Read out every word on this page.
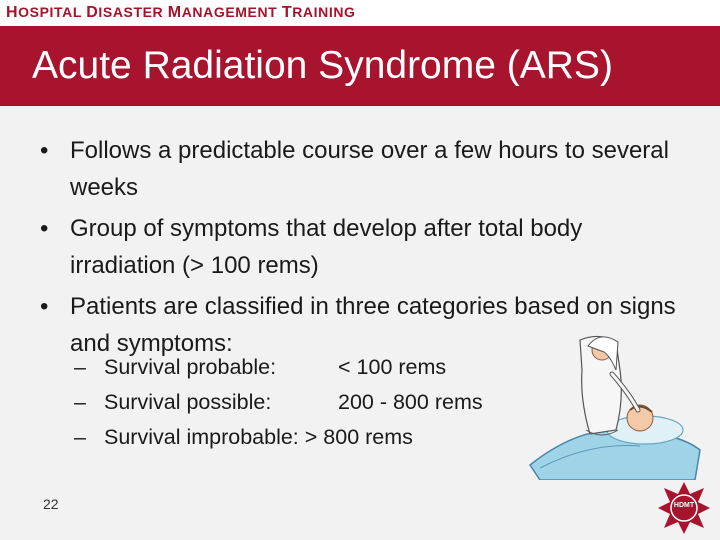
HOSPITAL DISASTER MANAGEMENT TRAINING
Acute Radiation Syndrome (ARS)
• Follows a predictable course over a few hours to several weeks
• Group of symptoms that develop after total body irradiation (> 100 rems)
• Patients are classified in three categories based on signs and symptoms:
– Survival probable:	< 100 rems
– Survival possible:	200 - 800 rems
– Survival improbable: > 800 rems
HDMT
22
